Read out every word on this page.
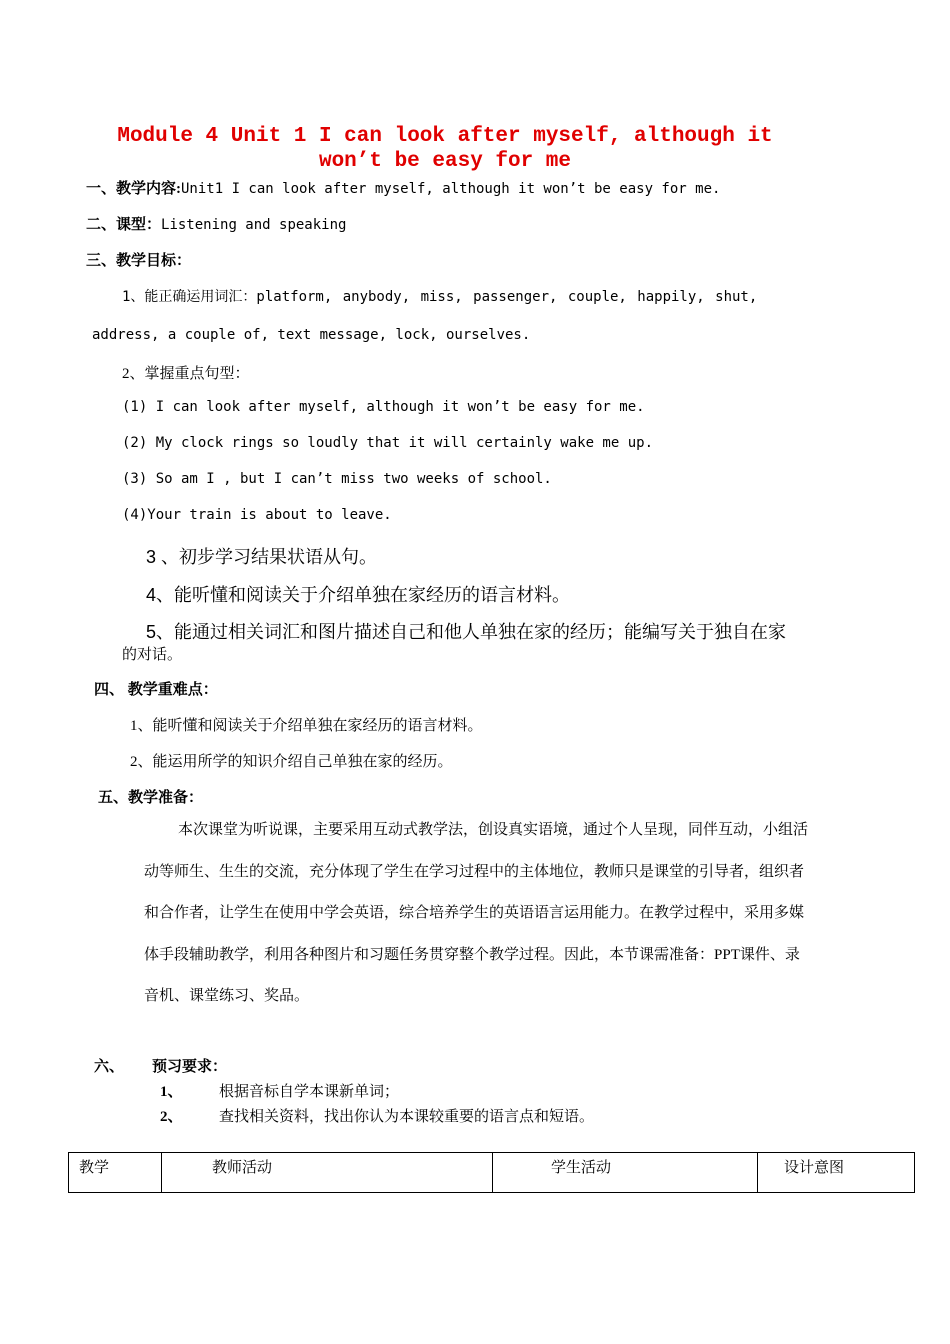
Module 4 Unit 1 I can look after myself, although it won’t be easy for me
一、教学内容:Unit1 I can look after myself, although it won’t be easy for me.
二、课型：Listening and speaking
三、教学目标：
1、能正确运用词汇：platform, anybody, miss, passenger, couple, happily, shut,
address, a couple of, text message, lock, ourselves.
2、掌握重点句型：
(1) I can look after myself, although it won’t be easy for me.
(2) My clock rings so loudly that it will certainly wake me up.
(3) So am I , but I can’t miss two weeks of school.
(4)Your train is about to leave.
3 、初步学习结果状语从句。
4、能听懂和阅读关于介绍单独在家经历的语言材料。
5、能通过相关词汇和图片描述自己和他人单独在家的经历；能编写关于独自在家
的对话。
四、 教学重难点：
1、能听懂和阅读关于介绍单独在家经历的语言材料。
2、能运用所学的知识介绍自己单独在家的经历。
五、教学准备：
本次课堂为听说课，主要采用互动式教学法，创设真实语境，通过个人呈现，同伴互动，小组活动等师生、生生的交流，充分体现了学生在学习过程中的主体地位，教师只是课堂的引导者，组织者和合作者，让学生在使用中学会英语，综合培养学生的英语语言运用能力。在教学过程中，采用多媒体手段辅助教学，利用各种图片和习题任务贯穿整个教学过程。因此，本节课需准备：PPT课件、录音机、课堂练习、奖品。
六、 预习要求：
1、 根据音标自学本课新单词；
2、 查找相关资料，找出你认为本课较重要的语言点和短语。
教学	教师活动	学生活动	设计意图
